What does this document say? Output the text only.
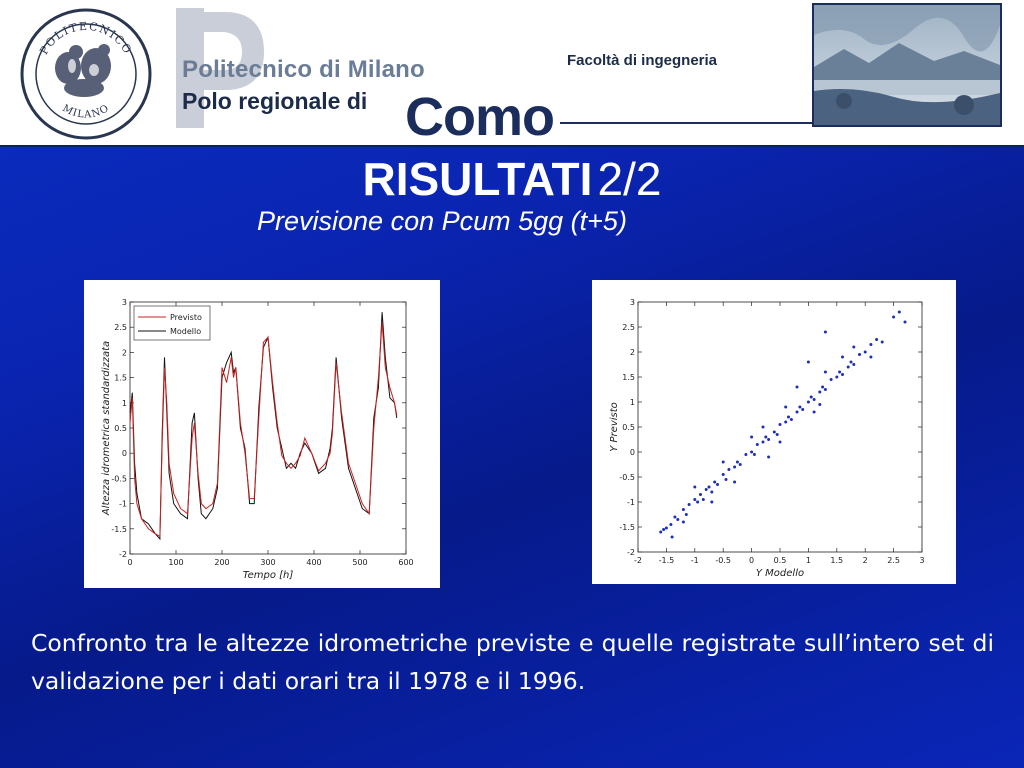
POLITECNICO
MILANO	P
Politecnico di Milano
Polo regionale di Como
Facoltà di ingegneria
RISULTATI 2/2
Previsione con Pcum 5gg (t+5)
0	100	200	300	400	500	600
-2
-1.5
-1
-0.5
0
0.5
1
1.5
2
2.5
3
Tempo [h]
Altezza idrometrica standardizzata
Previsto
Modello
-2 -1.5 -1 -0.5 0 0.5 1 1.5 2 2.5 3
-2
-1.5
-1
-0.5
0
0.5
1
1.5
2
2.5
3
Y Modello
Y Previsto
Confronto tra le altezze idrometriche previste e quelle registrate sull’intero set di validazione per i dati orari tra il 1978 e il 1996.
